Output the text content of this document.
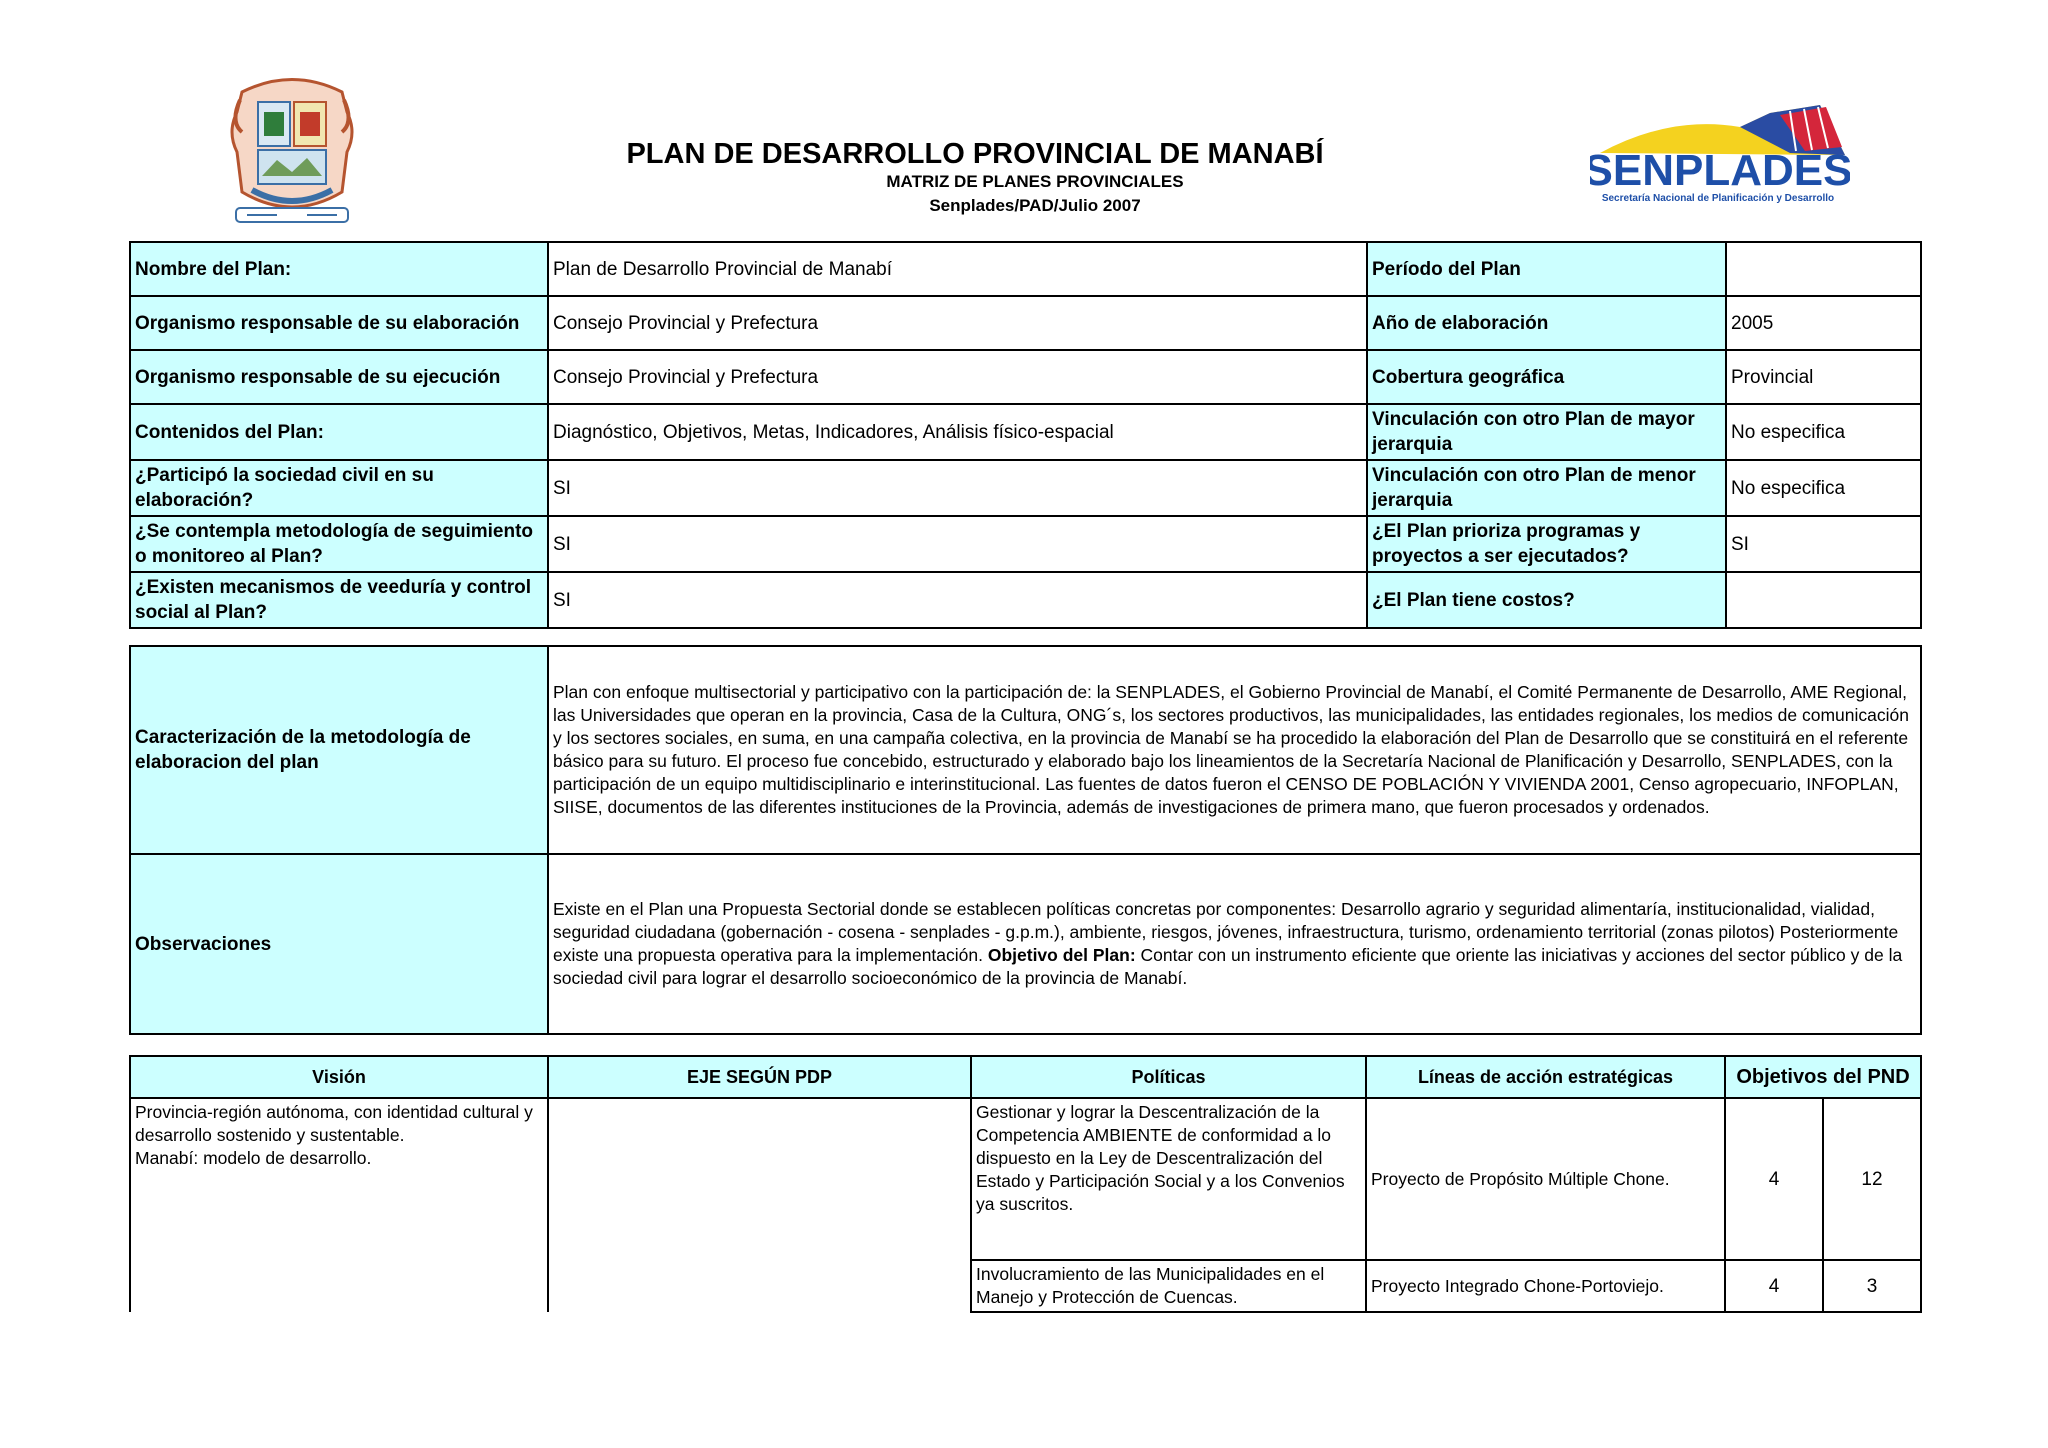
PLAN DE DESARROLLO PROVINCIAL DE MANABÍ
MATRIZ DE PLANES PROVINCIALES
Senplades/PAD/Julio 2007
SENPLADES
Secretaría Nacional de Planificación y Desarrollo
Nombre del Plan:	Plan de Desarrollo Provincial de Manabí	Período del Plan	
Organismo responsable de su elaboración	Consejo Provincial y Prefectura	Año de elaboración	2005
Organismo responsable de su ejecución	Consejo Provincial y Prefectura	Cobertura geográfica	Provincial
Contenidos del Plan:	Diagnóstico, Objetivos, Metas, Indicadores, Análisis físico-espacial	Vinculación con otro Plan de mayor jerarquia	No especifica
¿Participó la sociedad civil en su elaboración?	SI	Vinculación con otro Plan de menor jerarquia	No especifica
¿Se contempla metodología de seguimiento o monitoreo al Plan?	SI	¿El Plan prioriza programas y proyectos a ser ejecutados?	SI
¿Existen mecanismos de veeduría y control social al Plan?	SI	¿El Plan tiene costos?	
Caracterización de la metodología de elaboracion del plan	Plan con enfoque multisectorial y participativo con la participación de: la SENPLADES, el Gobierno Provincial de Manabí, el Comité Permanente de Desarrollo, AME Regional, las Universidades que operan en la provincia, Casa de la Cultura, ONG´s, los sectores productivos, las municipalidades, las entidades regionales, los medios de comunicación y los sectores sociales, en suma, en una campaña colectiva, en la provincia de Manabí se ha procedido la elaboración del Plan de Desarrollo que se constituirá en el referente básico para su futuro. El proceso fue concebido, estructurado y elaborado bajo los lineamientos de la Secretaría Nacional de Planificación y Desarrollo, SENPLADES, con la participación de un equipo multidisciplinario e interinstitucional. Las fuentes de datos fueron el CENSO DE POBLACIÓN Y VIVIENDA 2001, Censo agropecuario, INFOPLAN, SIISE, documentos de las diferentes instituciones de la Provincia, además de investigaciones de primera mano, que fueron procesados y ordenados.
Observaciones	Existe en el Plan una Propuesta Sectorial donde se establecen políticas concretas por componentes: Desarrollo agrario y seguridad alimentaría, institucionalidad, vialidad, seguridad ciudadana (gobernación - cosena - senplades - g.p.m.), ambiente, riesgos, jóvenes, infraestructura, turismo, ordenamiento territorial (zonas pilotos) Posteriormente existe una propuesta operativa para la implementación. Objetivo del Plan: Contar con un instrumento eficiente que oriente las iniciativas y acciones del sector público y de la sociedad civil para lograr el desarrollo socioeconómico de la provincia de Manabí.
Visión	EJE SEGÚN PDP	Políticas	Líneas de acción estratégicas	Objetivos del PND	
Provincia-región autónoma, con identidad cultural y desarrollo sostenido y sustentable.
Manabí: modelo de desarrollo.		Gestionar y lograr la Descentralización de la Competencia AMBIENTE de conformidad a lo dispuesto en la Ley de Descentralización del Estado y Participación Social y a los Convenios ya suscritos.	Proyecto de Propósito Múltiple Chone.	4	12
		Involucramiento de las Municipalidades en el Manejo y Protección de Cuencas.	Proyecto Integrado Chone-Portoviejo.	4	3
